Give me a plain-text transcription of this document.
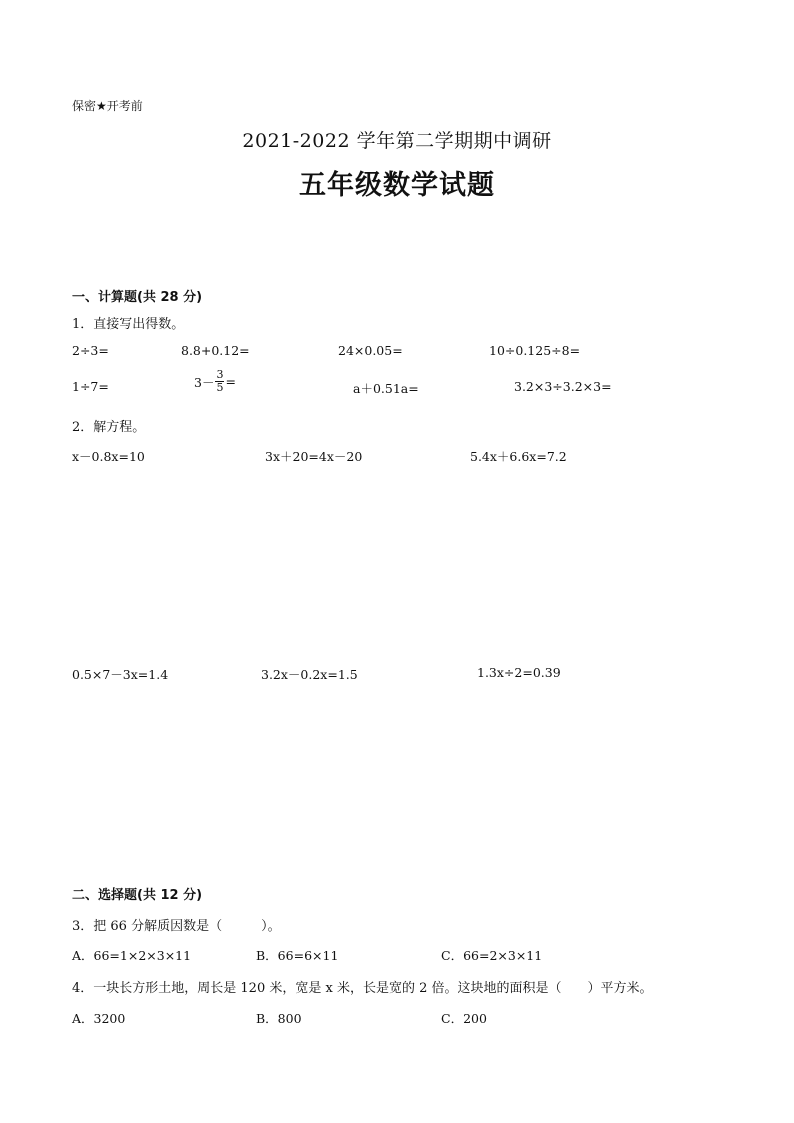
保密★开考前
2021-2022 学年第二学期期中调研
五年级数学试题
一、计算题(共 28 分)
1．直接写出得数。
2÷3=	8.8+0.12=	24×0.05=	10÷0.125÷8=
1÷7=	$3- \frac{3}{5}$ =	a＋0.51a=	3.2×3÷3.2×3=
2．解方程。
x－0.8x=10	3x＋20=4x－20	5.4x＋6.6x=7.2
0.5×7－3x=1.4	3.2x－0.2x=1.5	1.3x÷2=0.39
二、选择题(共 12 分)
3．把 66 分解质因数是（　　　）。
A．66=1×2×3×11	B．66=6×11	C．66=2×3×11
4．一块长方形土地，周长是 120 米，宽是 x 米，长是宽的 2 倍。这块地的面积是（　　）平方米。
A．3200	B．800	C．200
